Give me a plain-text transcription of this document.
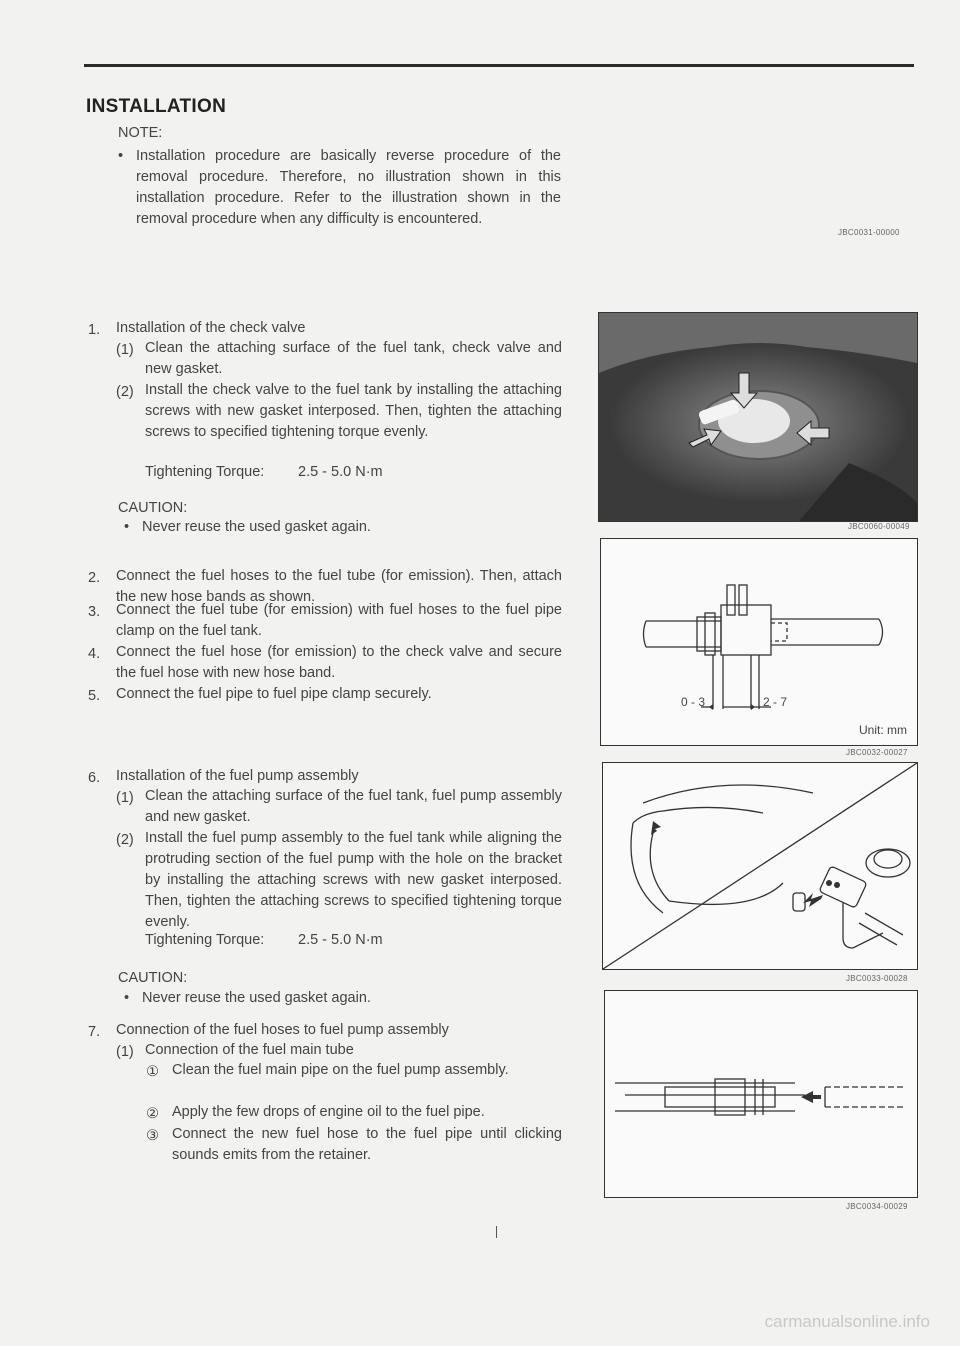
INSTALLATION
NOTE:
• Installation procedure are basically reverse procedure of the removal procedure. Therefore, no illustration shown in this installation procedure. Refer to the illustration shown in the removal procedure when any difficulty is encountered.
JBC0031-00000
1. Installation of the check valve
(1) Clean the attaching surface of the fuel tank, check valve and new gasket.
(2) Install the check valve to the fuel tank by installing the attaching screws with new gasket interposed. Then, tighten the attaching screws to specified tightening torque evenly.
Tightening Torque: 2.5 - 5.0 N·m
CAUTION:
• Never reuse the used gasket again.
2. Connect the fuel hoses to the fuel tube (for emission). Then, attach the new hose bands as shown.
3. Connect the fuel tube (for emission) with fuel hoses to the fuel pipe clamp on the fuel tank.
4. Connect the fuel hose (for emission) to the check valve and secure the fuel hose with new hose band.
5. Connect the fuel pipe to fuel pipe clamp securely.
6. Installation of the fuel pump assembly
(1) Clean the attaching surface of the fuel tank, fuel pump assembly and new gasket.
(2) Install the fuel pump assembly to the fuel tank while aligning the protruding section of the fuel pump with the hole on the bracket by installing the attaching screws with new gasket interposed. Then, tighten the attaching screws to specified tightening torque evenly.
Tightening Torque: 2.5 - 5.0 N·m
CAUTION:
• Never reuse the used gasket again.
7. Connection of the fuel hoses to fuel pump assembly
(1) Connection of the fuel main tube
① Clean the fuel main pipe on the fuel pump assembly.
② Apply the few drops of engine oil to the fuel pipe.
③ Connect the new fuel hose to the fuel pipe until clicking sounds emits from the retainer.
JBC0060-00049
0 - 3	2 - 7
Unit: mm
JBC0032-00027
JBC0033-00028
JBC0034-00029
carmanualsonline.info
